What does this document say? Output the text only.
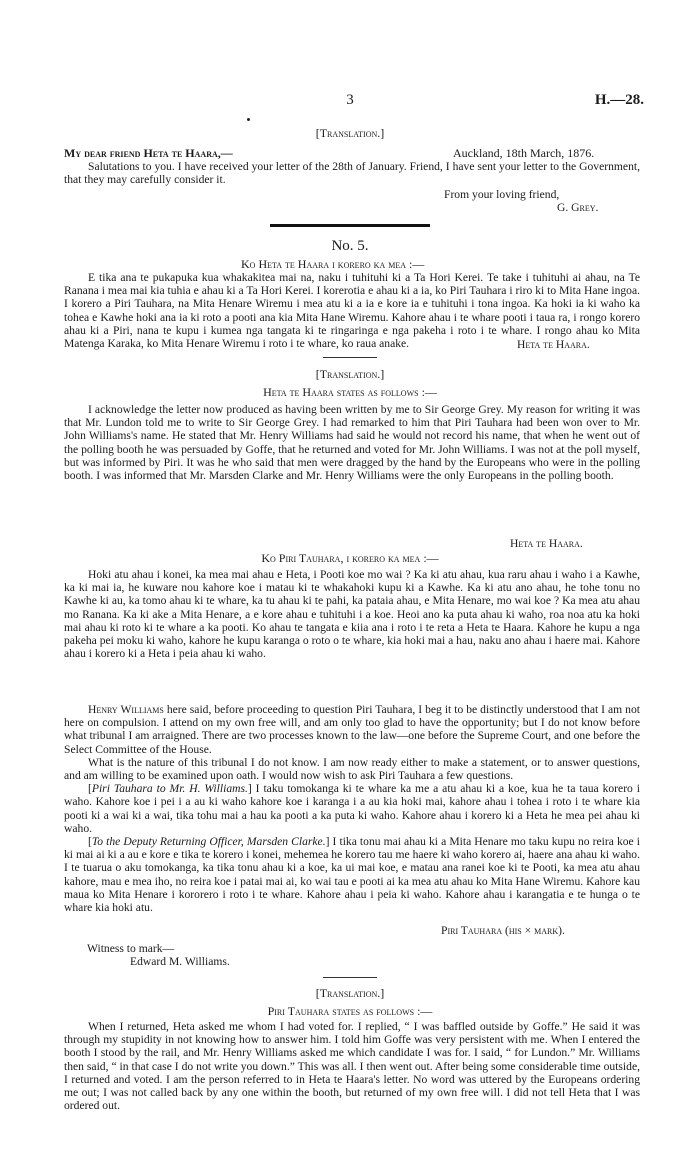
3	H.—28.
[Translation.]
My dear friend Heta te Haara,—	Auckland, 18th March, 1876.

Salutations to you. I have received your letter of the 28th of January. Friend, I have sent your letter to the Government, that they may carefully consider it.

From your loving friend,
G. Grey.
No. 5.
Ko Heta te Haara i korero ka mea :—

E tika ana te pukapuka kua whakakitea mai na, naku i tuhituhi ki a Ta Hori Kerei. Te take i tuhituhi ai ahau, na Te Ranana i mea mai kia tuhia e ahau ki a Ta Hori Kerei. I korerotia e ahau ki a ia, ko Piri Tauhara i riro ki to Mita Hane ingoa. I korero a Piri Tauhara, na Mita Henare Wiremu i mea atu ki a ia e kore ia e tuhituhi i tona ingoa. Ka hoki ia ki waho ka tohea e Kawhe hoki ana ia ki roto a pooti ana kia Mita Hane Wiremu. Kahore ahau i te whare pooti i taua ra, i rongo korero ahau ki a Piri, nana te kupu i kumea nga tangata ki te ringaringa e nga pakeha i roto i te whare. I rongo ahau ko Mita Matenga Karaka, ko Mita Henare Wiremu i roto i te whare, ko raua anake.	Heta te Haara.
[Translation.]
Heta te Haara states as follows :—

I acknowledge the letter now produced as having been written by me to Sir George Grey. My reason for writing it was that Mr. Lundon told me to write to Sir George Grey. I had remarked to him that Piri Tauhara had been won over to Mr. John Williams's name. He stated that Mr. Henry Williams had said he would not record his name, that when he went out of the polling booth he was persuaded by Goffe, that he returned and voted for Mr. John Williams. I was not at the poll myself, but was informed by Piri. It was he who said that men were dragged by the hand by the Europeans who were in the polling booth. I was informed that Mr. Marsden Clarke and Mr. Henry Williams were the only Europeans in the polling booth.

Heta te Haara.
Ko Piri Tauhara, i korero ka mea :—

Hoki atu ahau i konei, ka mea mai ahau e Heta, i Pooti koe mo wai ? Ka ki atu ahau, kua raru ahau i waho i a Kawhe, ka ki mai ia, he kuware nou kahore koe i matau ki te whakahoki kupu ki a Kawhe. Ka ki atu ano ahau, he tohe tonu no Kawhe ki au, ka tomo ahau ki te whare, ka tu ahau ki te pahi, ka pataia ahau, e Mita Henare, mo wai koe ? Ka mea atu ahau mo Ranana. Ka ki ake a Mita Henare, a e kore ahau e tuhituhi i a koe. Heoi ano ka puta ahau ki waho, roa noa atu ka hoki mai ahau ki roto ki te whare a ka pooti. Ko ahau te tangata e kiia ana i roto i te reta a Heta te Haara. Kahore he kupu a nga pakeha pei moku ki waho, kahore he kupu karanga o roto o te whare, kia hoki mai a hau, naku ano ahau i haere mai. Kahore ahau i korero ki a Heta i peia ahau ki waho.

Henry Williams here said, before proceeding to question Piri Tauhara, I beg it to be distinctly understood that I am not here on compulsion. I attend on my own free will, and am only too glad to have the opportunity; but I do not know before what tribunal I am arraigned. There are two processes known to the law—one before the Supreme Court, and one before the Select Committee of the House.

What is the nature of this tribunal I do not know. I am now ready either to make a statement, or to answer questions, and am willing to be examined upon oath. I would now wish to ask Piri Tauhara a few questions.

[Piri Tauhara to Mr. H. Williams.] I taku tomokanga ki te whare ka me a atu ahau ki a koe, kua he ta taua korero i waho. Kahore koe i pei i a au ki waho kahore koe i karanga i a au kia hoki mai, kahore ahau i tohea i roto i te whare kia pooti ki a wai ki a wai, tika tohu mai a hau ka pooti a ka puta ki waho. Kahore ahau i korero ki a Heta he mea pei ahau ki waho.

[To the Deputy Returning Officer, Marsden Clarke.] I tika tonu mai ahau ki a Mita Henare mo taku kupu no reira koe i ki mai ai ki a au e kore e tika te korero i konei, mehemea he korero tau me haere ki waho korero ai, haere ana ahau ki waho. I te tuarua o aku tomokanga, ka tika tonu ahau ki a koe, ka ui mai koe, e matau ana ranei koe ki te Pooti, ka mea atu ahau kahore, mau e mea iho, no reira koe i patai mai ai, ko wai tau e pooti ai ka mea atu ahau ko Mita Hane Wiremu. Kahore kau maua ko Mita Henare i kororero i roto i te whare. Kahore ahau i peia ki waho. Kahore ahau i karangatia e te hunga o te whare kia hoki atu.

Piri Tauhara (his × mark).
Witness to mark—
Edward M. Williams.
[Translation.]
Piri Tauhara states as follows :—

When I returned, Heta asked me whom I had voted for. I replied, “ I was baffled outside by Goffe.” He said it was through my stupidity in not knowing how to answer him. I told him Goffe was very persistent with me. When I entered the booth I stood by the rail, and Mr. Henry Williams asked me which candidate I was for. I said, “ for Lundon.” Mr. Williams then said, “ in that case I do not write you down.” This was all. I then went out. After being some considerable time outside, I returned and voted. I am the person referred to in Heta te Haara's letter. No word was uttered by the Europeans ordering me out; I was not called back by any one within the booth, but returned of my own free will. I did not tell Heta that I was ordered out.
